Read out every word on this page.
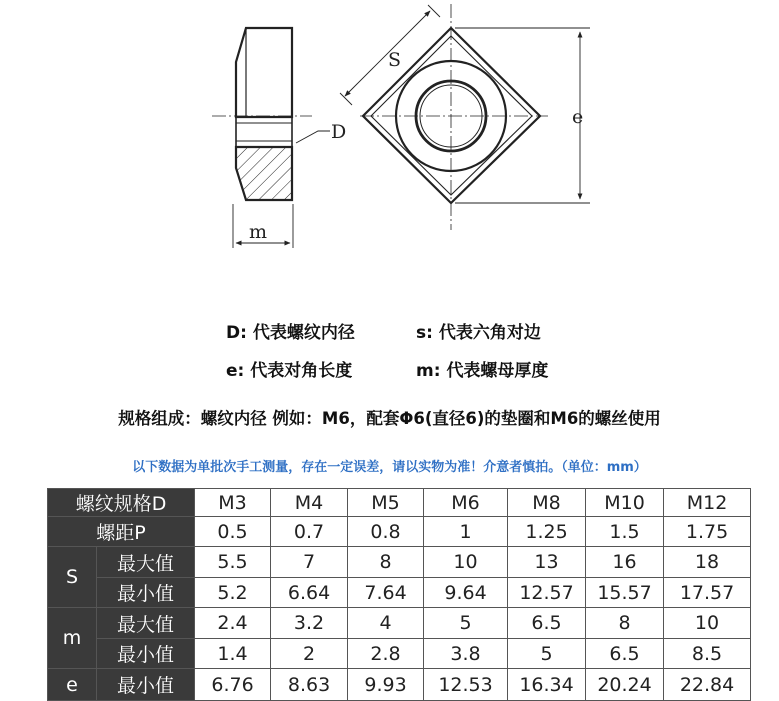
m
D
S
e
D: 代表螺纹内径	s: 代表六角对边
e: 代表对角长度	m: 代表螺母厚度
规格组成：螺纹内径 例如：M6，配套Φ6(直径6)的垫圈和M6的螺丝使用
以下数据为单批次手工测量，存在一定误差，请以实物为准！介意者慎拍。（单位：mm）
螺纹规格D		M3	M4	M5	M6	M8	M10	M12
螺距P		0.5	0.7	0.8	1	1.25	1.5	1.75
S	最大值	5.5	7	8	10	13	16	18
	最小值	5.2	6.64	7.64	9.64	12.57	15.57	17.57
m	最大值	2.4	3.2	4	5	6.5	8	10
	最小值	1.4	2	2.8	3.8	5	6.5	8.5
e	最小值	6.76	8.63	9.93	12.53	16.34	20.24	22.84
